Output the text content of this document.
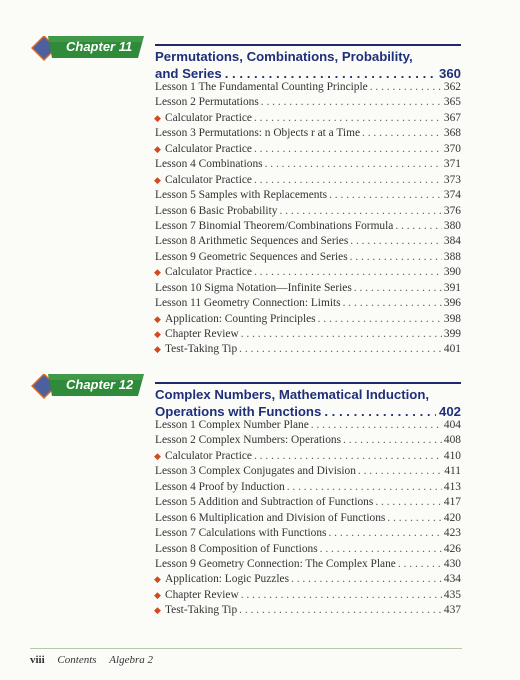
Chapter 11
Permutations, Combinations, Probability,
and Series . . .	360
Lesson 1 The Fundamental Counting Principle . . .	362
Lesson 2 Permutations . . .	365
◆ Calculator Practice . . .	367
Lesson 3 Permutations: n Objects r at a Time . . .	368
◆ Calculator Practice . . .	370
Lesson 4 Combinations . . .	371
◆ Calculator Practice . . .	373
Lesson 5 Samples with Replacements . . .	374
Lesson 6 Basic Probability . . .	376
Lesson 7 Binomial Theorem/Combinations Formula . . .	380
Lesson 8 Arithmetic Sequences and Series . . .	384
Lesson 9 Geometric Sequences and Series . . .	388
◆ Calculator Practice . . .	390
Lesson 10 Sigma Notation—Infinite Series . . .	391
Lesson 11 Geometry Connection: Limits . . .	396
◆ Application: Counting Principles . . .	398
◆ Chapter Review . . .	399
◆ Test-Taking Tip . . .	401
Chapter 12
Complex Numbers, Mathematical Induction,
Operations with Functions . . .	402
Lesson 1 Complex Number Plane . . .	404
Lesson 2 Complex Numbers: Operations . . .	408
◆ Calculator Practice . . .	410
Lesson 3 Complex Conjugates and Division . . .	411
Lesson 4 Proof by Induction . . .	413
Lesson 5 Addition and Subtraction of Functions . . .	417
Lesson 6 Multiplication and Division of Functions . . .	420
Lesson 7 Calculations with Functions . . .	423
Lesson 8 Composition of Functions . . .	426
Lesson 9 Geometry Connection: The Complex Plane . . .	430
◆ Application: Logic Puzzles . . .	434
◆ Chapter Review . . .	435
◆ Test-Taking Tip . . .	437
viii Contents Algebra 2
